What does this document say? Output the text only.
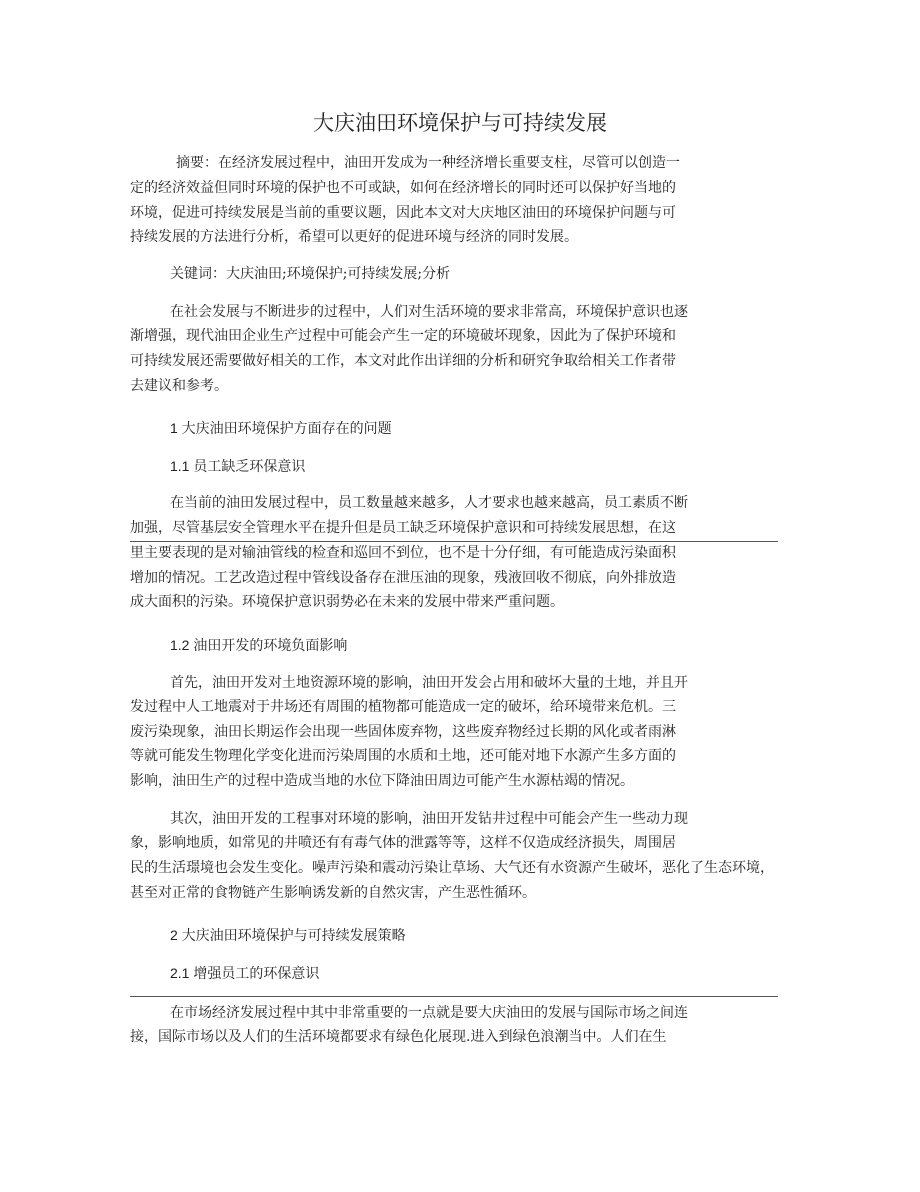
大庆油田环境保护与可持续发展
摘要：在经济发展过程中，油田开发成为一种经济增长重要支柱，尽管可以创造一
定的经济效益但同时环境的保护也不可或缺，如何在经济增长的同时还可以保护好当地的
环境，促进可持续发展是当前的重要议题，因此本文对大庆地区油田的环境保护问题与可
持续发展的方法进行分析，希望可以更好的促进环境与经济的同时发展。
关键词：大庆油田;环境保护;可持续发展;分析
在社会发展与不断进步的过程中，人们对生活环境的要求非常高，环境保护意识也逐
渐增强，现代油田企业生产过程中可能会产生一定的环境破坏现象，因此为了保护环境和
可持续发展还需要做好相关的工作，本文对此作出详细的分析和研究争取给相关工作者带
去建议和参考。
1 大庆油田环境保护方面存在的问题
1.1 员工缺乏环保意识
在当前的油田发展过程中，员工数量越来越多，人才要求也越来越高，员工素质不断
加强，尽管基层安全管理水平在提升但是员工缺乏环境保护意识和可持续发展思想，在这
里主要表现的是对输油管线的检查和巡回不到位，也不是十分仔细，有可能造成污染面积
增加的情况。工艺改造过程中管线设备存在泄压油的现象，残液回收不彻底，向外排放造
成大面积的污染。环境保护意识弱势必在未来的发展中带来严重问题。
1.2 油田开发的环境负面影响
首先，油田开发对土地资源环境的影响，油田开发会占用和破坏大量的土地，并且开
发过程中人工地震对于井场还有周围的植物都可能造成一定的破坏，给环境带来危机。三
废污染现象，油田长期运作会出现一些固体废弃物，这些废弃物经过长期的风化或者雨淋
等就可能发生物理化学变化进而污染周围的水质和土地，还可能对地下水源产生多方面的
影响，油田生产的过程中造成当地的水位下降油田周边可能产生水源枯竭的情况。
其次，油田开发的工程事对环境的影响，油田开发钻井过程中可能会产生一些动力现
象，影响地质，如常见的井喷还有有毒气体的泄露等等，这样不仅造成经济损失，周围居
民的生活璟境也会发生变化。噪声污染和震动污染让草场、大气还有水资源产生破坏，恶化了生态环境，
甚至对正常的食物链产生影响诱发新的自然灾害，产生恶性循环。
2 大庆油田环境保护与可持续发展策略
2.1 增强员工的环保意识
在市场经济发展过程中其中非常重要的一点就是要大庆油田的发展与国际市场之间连
接，国际市场以及人们的生活环境都要求有绿色化展现.进入到绿色浪潮当中。人们在生
